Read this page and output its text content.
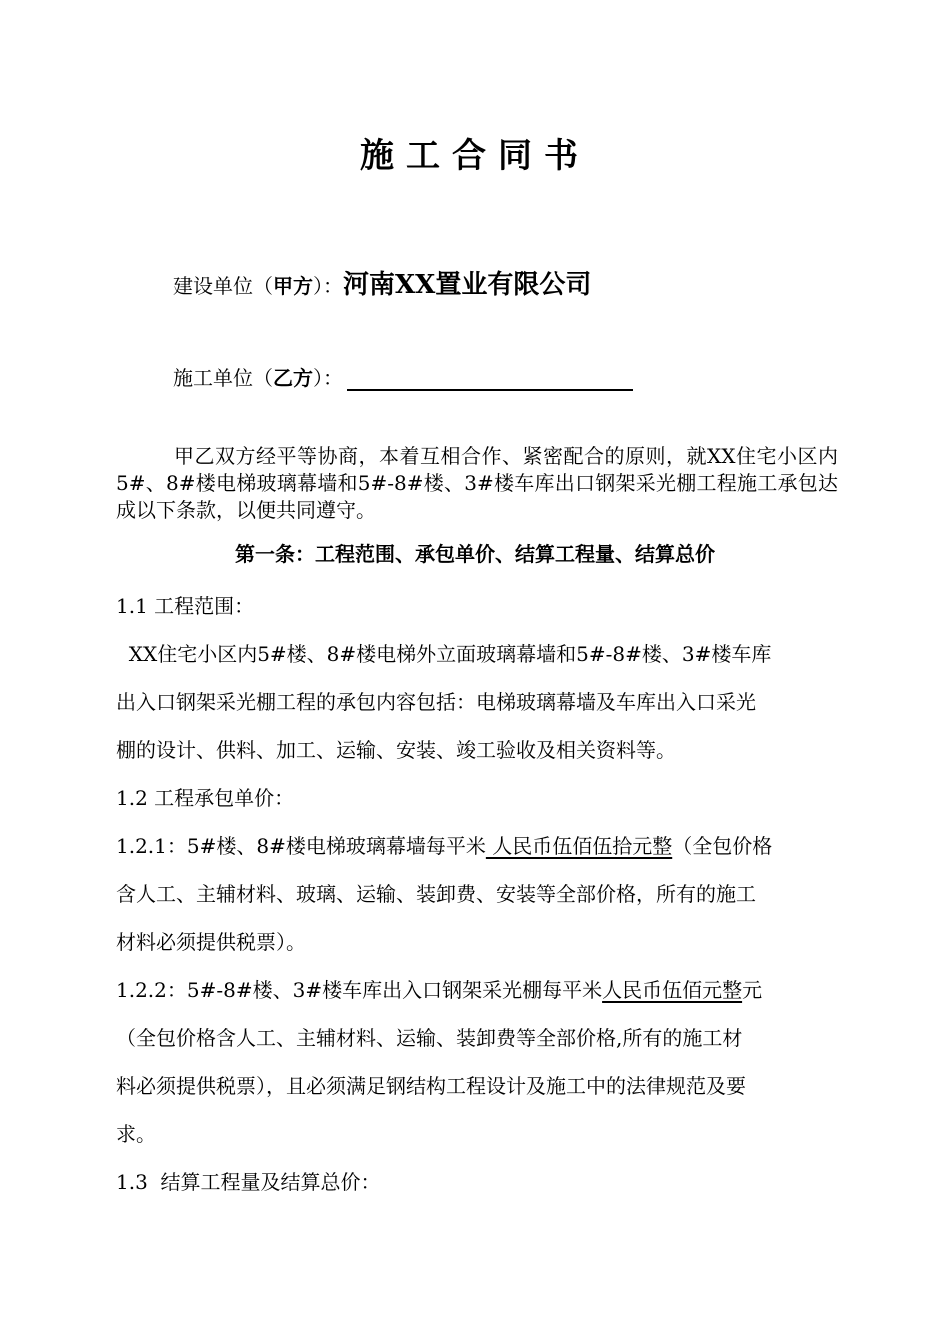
施工合同书
建设单位（甲方）：河南XX置业有限公司
施工单位（乙方）：
甲乙双方经平等协商，本着互相合作、紧密配合的原则，就XX住宅小区内5#、8#楼电梯玻璃幕墙和5#-8#楼、3#楼车库出口钢架采光棚工程施工承包达成以下条款，以便共同遵守。
第一条：工程范围、承包单价、结算工程量、结算总价
1.1 工程范围：
XX住宅小区内5#楼、8#楼电梯外立面玻璃幕墙和5#-8#楼、3#楼车库
出入口钢架采光棚工程的承包内容包括：电梯玻璃幕墙及车库出入口采光
棚的设计、供料、加工、运输、安装、竣工验收及相关资料等。
1.2 工程承包单价：
1.2.1：5#楼、8#楼电梯玻璃幕墙每平米 人民币伍佰伍拾元整（全包价格
含人工、主辅材料、玻璃、运输、装卸费、安装等全部价格，所有的施工
材料必须提供税票）。
1.2.2：5#-8#楼、3#楼车库出入口钢架采光棚每平米人民币伍佰元整元
（全包价格含人工、主辅材料、运输、装卸费等全部价格,所有的施工材
料必须提供税票），且必须满足钢结构工程设计及施工中的法律规范及要
求。
1.3  结算工程量及结算总价：
